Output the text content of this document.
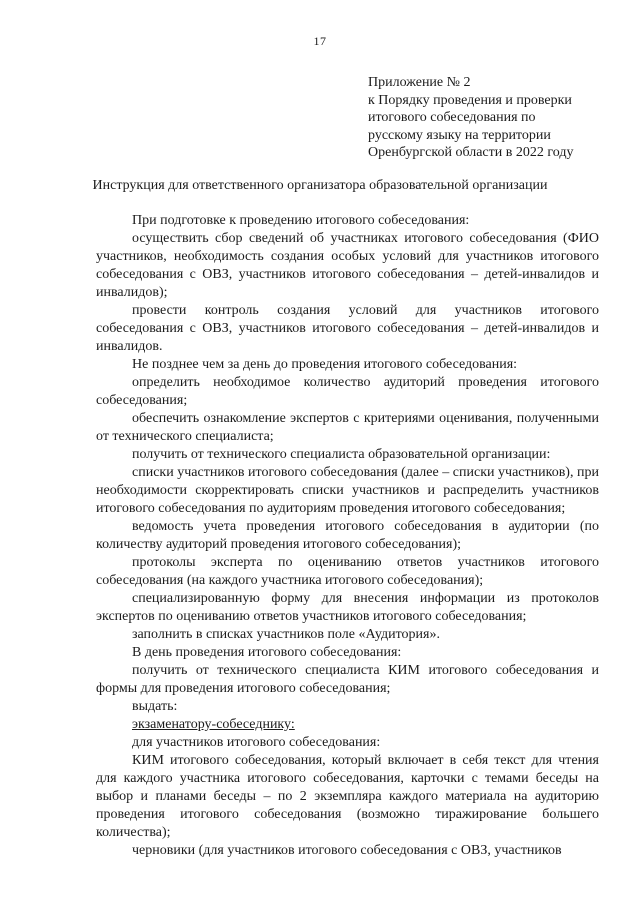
17
Приложение № 2
к Порядку проведения и проверки
итогового собеседования по
русскому языку на территории
Оренбургской области в 2022 году
Инструкция для ответственного организатора образовательной организации

При подготовке к проведению итогового собеседования:

осуществить сбор сведений об участниках итогового собеседования (ФИО участников, необходимость создания особых условий для участников итогового собеседования с ОВЗ, участников итогового собеседования – детей-инвалидов и инвалидов);

провести контроль создания условий для участников итогового собеседования с ОВЗ, участников итогового собеседования – детей-инвалидов и инвалидов.

Не позднее чем за день до проведения итогового собеседования:

определить необходимое количество аудиторий проведения итогового собеседования;

обеспечить ознакомление экспертов с критериями оценивания, полученными от технического специалиста;

получить от технического специалиста образовательной организации:

списки участников итогового собеседования (далее – списки участников), при необходимости скорректировать списки участников и распределить участников итогового собеседования по аудиториям проведения итогового собеседования;

ведомость учета проведения итогового собеседования в аудитории (по количеству аудиторий проведения итогового собеседования);

протоколы эксперта по оцениванию ответов участников итогового собеседования (на каждого участника итогового собеседования);

специализированную форму для внесения информации из протоколов экспертов по оцениванию ответов участников итогового собеседования;

заполнить в списках участников поле «Аудитория».

В день проведения итогового собеседования:

получить от технического специалиста КИМ итогового собеседования и формы для проведения итогового собеседования;

выдать:

экзаменатору-собеседнику:

для участников итогового собеседования:

КИМ итогового собеседования, который включает в себя текст для чтения для каждого участника итогового собеседования, карточки с темами беседы на выбор и планами беседы – по 2 экземпляра каждого материала на аудиторию проведения итогового собеседования (возможно тиражирование большего количества);

черновики (для участников итогового собеседования с ОВЗ, участников
